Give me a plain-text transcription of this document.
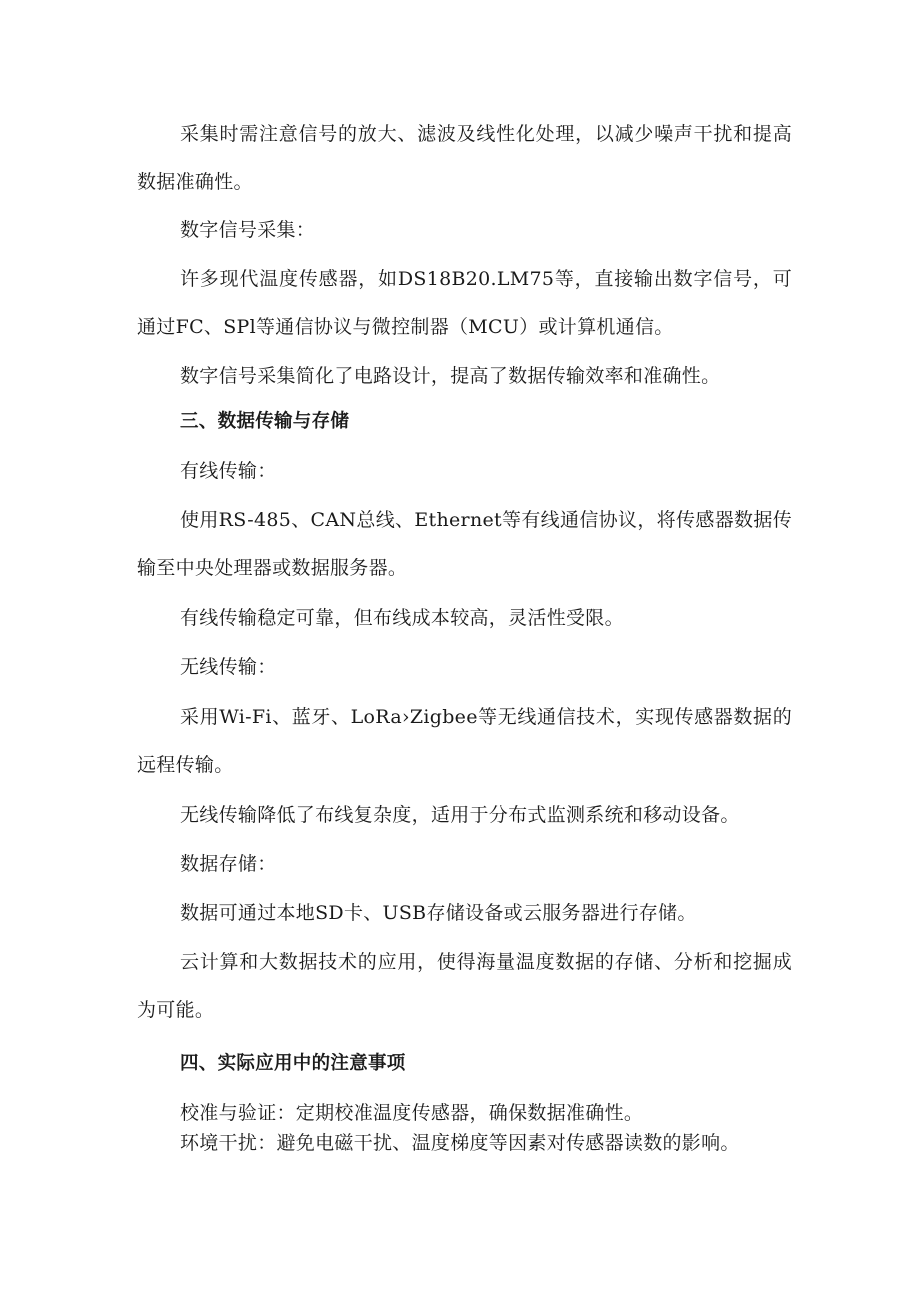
采集时需注意信号的放大、滤波及线性化处理，以减少噪声干扰和提高数据准确性。

数字信号采集：

许多现代温度传感器，如DS18B20.LM75等，直接输出数字信号，可通过FC、SPl等通信协议与微控制器（MCU）或计算机通信。

数字信号采集简化了电路设计，提高了数据传输效率和准确性。

三、数据传输与存储

有线传输：

使用RS-485、CAN总线、Ethernet等有线通信协议，将传感器数据传输至中央处理器或数据服务器。

有线传输稳定可靠，但布线成本较高，灵活性受限。

无线传输：

采用Wi-Fi、蓝牙、LoRa›Zigbee等无线通信技术，实现传感器数据的远程传输。

无线传输降低了布线复杂度，适用于分布式监测系统和移动设备。

数据存储：

数据可通过本地SD卡、USB存储设备或云服务器进行存储。

云计算和大数据技术的应用，使得海量温度数据的存储、分析和挖掘成为可能。

四、实际应用中的注意事项

校准与验证：定期校准温度传感器，确保数据准确性。

环境干扰：避免电磁干扰、温度梯度等因素对传感器读数的影响。
